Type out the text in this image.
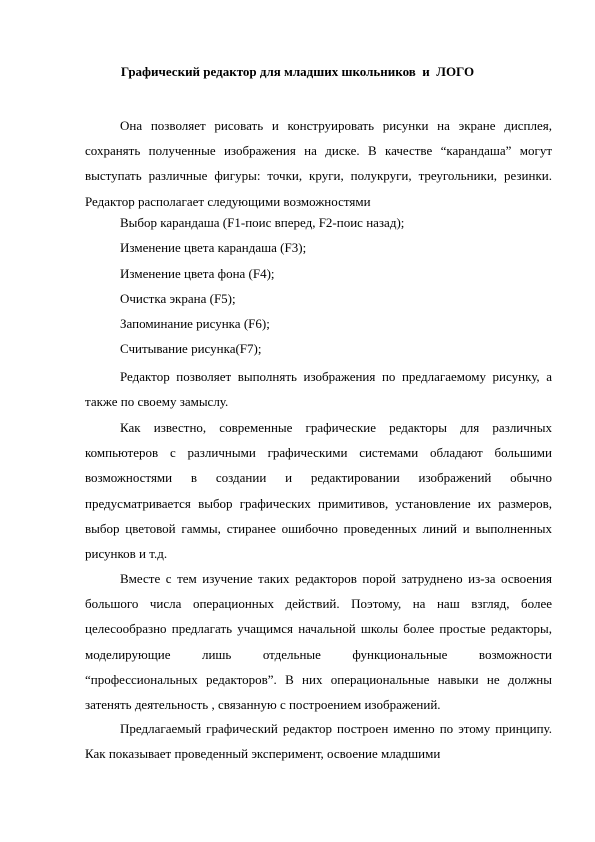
Графический редактор для младших школьников  и  ЛОГО

Она позволяет рисовать и конструировать рисунки на экране дисплея, сохранять полученные изображения на диске. В качестве “карандаша” могут выступать различные фигуры: точки, круги, полукруги, треугольники, резинки. Редактор располагает следующими возможностями

Выбор карандаша (F1-поис вперед, F2-поис назад);

Изменение цвета карандаша (F3);

Изменение цвета фона (F4);

Очистка экрана (F5);

Запоминание рисунка (F6);

Считывание рисунка(F7);

Редактор позволяет выполнять изображения по предлагаемому рисунку, а также по своему замыслу.

Как известно, современные графические редакторы для различных компьютеров с различными графическими системами обладают большими возможностями в создании и редактировании изображений обычно предусматривается выбор графических примитивов, установление их размеров, выбор цветовой гаммы, стиранее ошибочно проведенных линий и выполненных рисунков и т.д.

Вместе с тем изучение таких редакторов порой затруднено из-за освоения большого числа операционных действий. Поэтому, на наш взгляд, более целесообразно предлагать учащимся начальной школы более простые редакторы, моделирующие лишь отдельные функциональные возможности “профессиональных редакторов”. В них операциональные навыки не должны затенять деятельность , связанную с построением изображений.

Предлагаемый графический редактор построен именно по этому принципу. Как показывает проведенный эксперимент, освоение младшими
